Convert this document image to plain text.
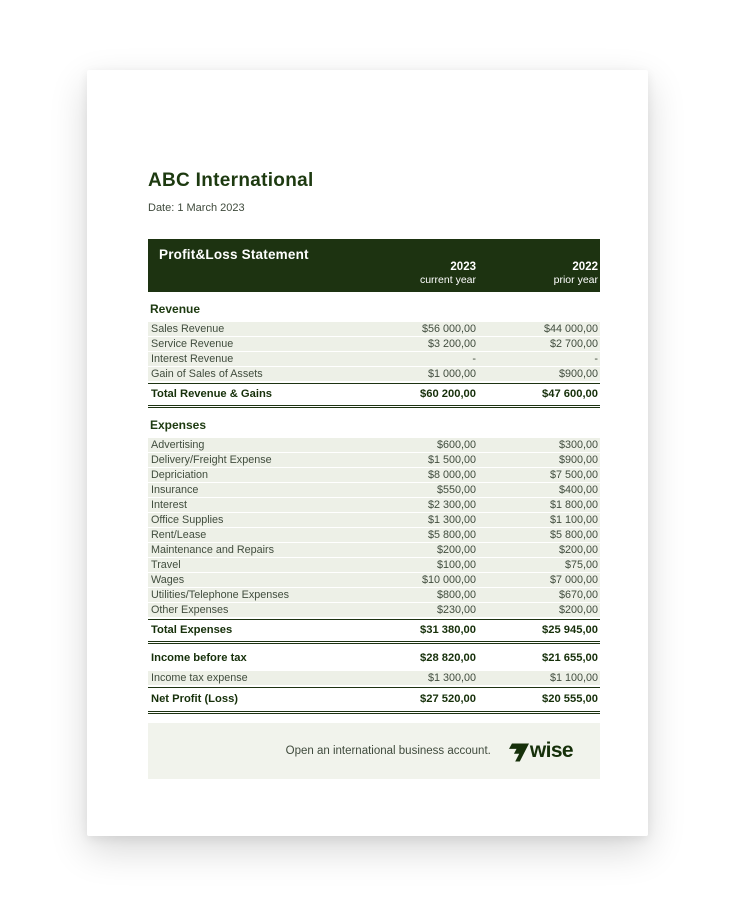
ABC International
Date: 1 March 2023
Profit&Loss Statement
2023
current year
2022
prior year
Revenue
Sales Revenue	$56 000,00	$44 000,00
Service Revenue	$3 200,00	$2 700,00
Interest Revenue	-	-
Gain of Sales of Assets	$1 000,00	$900,00
Total Revenue & Gains	$60 200,00	$47 600,00
Expenses
Advertising	$600,00	$300,00
Delivery/Freight Expense	$1 500,00	$900,00
Depriciation	$8 000,00	$7 500,00
Insurance	$550,00	$400,00
Interest	$2 300,00	$1 800,00
Office Supplies	$1 300,00	$1 100,00
Rent/Lease	$5 800,00	$5 800,00
Maintenance and Repairs	$200,00	$200,00
Travel	$100,00	$75,00
Wages	$10 000,00	$7 000,00
Utilities/Telephone Expenses	$800,00	$670,00
Other Expenses	$230,00	$200,00
Total Expenses	$31 380,00	$25 945,00
Income before tax	$28 820,00	$21 655,00
Income tax expense	$1 300,00	$1 100,00
Net Profit (Loss)	$27 520,00	$20 555,00
Open an international business account. wise
